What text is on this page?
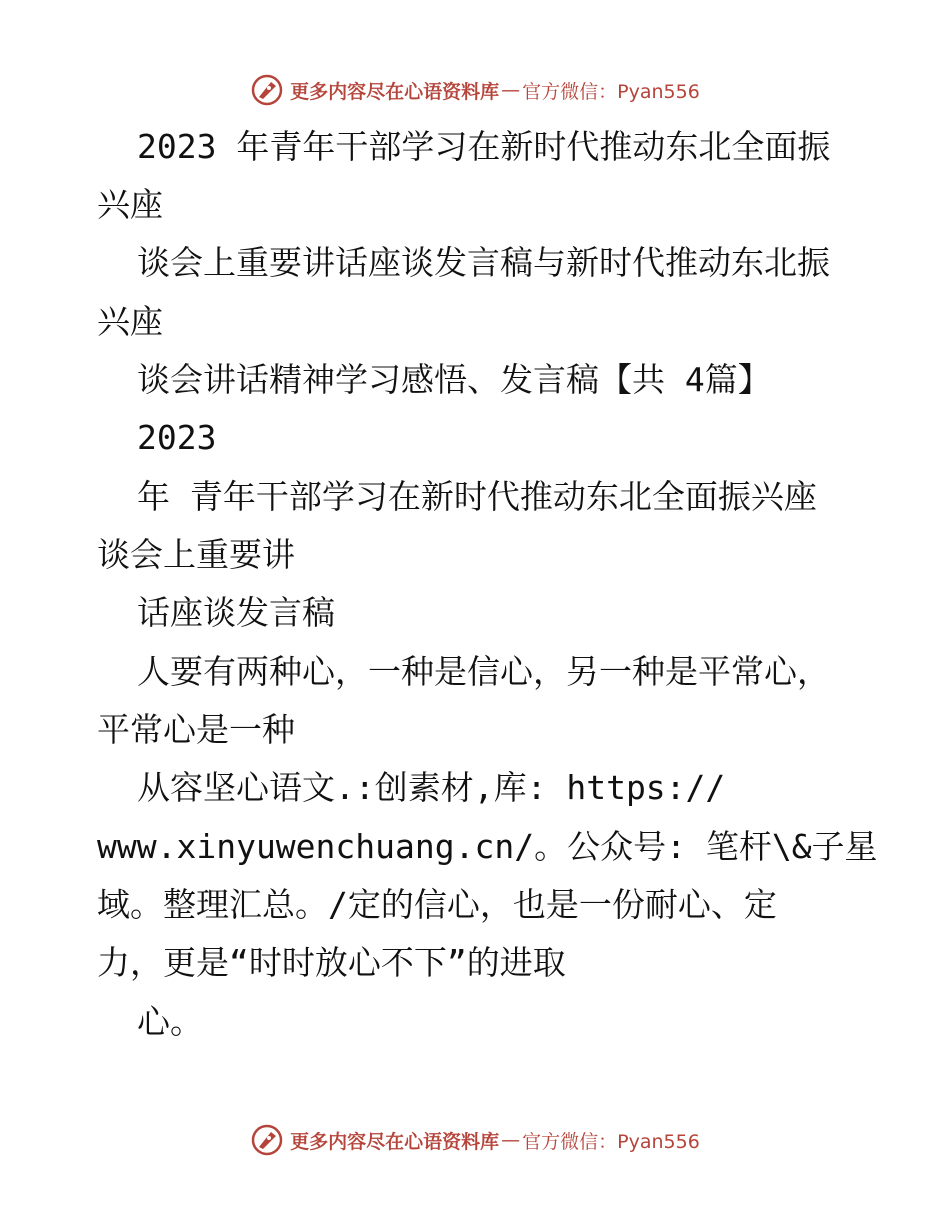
更多内容尽在心语资料库 — 官方微信：Pyan556
2023 年青年干部学习在新时代推动东北全面振
兴座
谈会上重要讲话座谈发言稿与新时代推动东北振
兴座
谈会讲话精神学习感悟、发言稿【共 4篇】
2023
年 青年干部学习在新时代推动东北全面振兴座
谈会上重要讲
话座谈发言稿
人要有两种心，一种是信心，另一种是平常心，
平常心是一种
从容坚心语文.:创素材,库: https://
www.xinyuwenchuang.cn/。公众号: 笔杆\&子星
域。整理汇总。/定的信心，也是一份耐心、定
力，更是“时时放心不下”的进取
心。
更多内容尽在心语资料库 — 官方微信：Pyan556
